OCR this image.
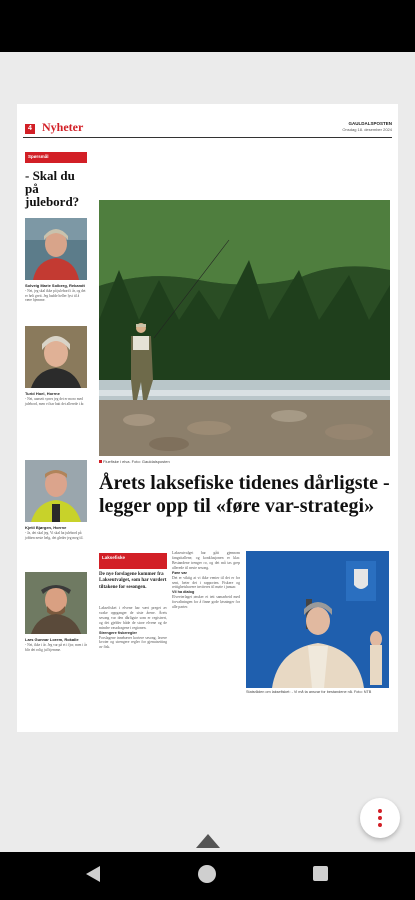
4 Nyheter	GAULDALSPOSTEN
Onsdag 18. desember 2024
Spørsmål
- Skal du på julebord?
Solveig Marie Solberg, Rekandt
- Nei, jeg skal ikke på julebord i år, og det er helt greit. Jeg hadde heller lyst til å være hjemme.
Turid Hoel, Horrne
- Nei, uansett synes jeg det er moro med julebord, men vi har hatt det allerede i år.
Kjetil Bjørgen, Horrne
- Ja, det skal jeg. Vi skal ha julebord på jobben neste helg, det gleder jeg meg til.
Lars Gunnar Lorem, Rokalle
- Nei, ikke i år. Jeg var på et i fjor, men i år blir det rolig jul hjemme.
Fluefiske i elva. Foto: Gauldalsposten
Årets laksefiske tidenes dårligste - legger opp til «føre var-strategi»
Laksefiske
De nye forslagene kommer fra Lakseutvalget, som har vurdert tiltakene for sesongen.
Laksefisket i elvene har vært preget av svake oppganger de siste årene. Årets sesong var den dårligste som er registrert, og det gjelder både de store elvene og de mindre vassdragene i regionen.
Strengere fiskeregler
Forslagene innebærer kortere sesong, lavere kvoter og strengere regler for gjenutsetting av fisk.
Lakseutvalget har gått gjennom fangsttallene, og konklusjonen er klar. Bestandene trenger ro, og det må tas grep allerede til neste sesong.
Føre var
Det er viktig at vi ikke venter til det er for sent, heter det i rapporten. Fiskere og rettighetshavere inviteres til møte i januar.
Vil ha dialog
Elveeierlaget ønsker et tett samarbeid med forvaltningen for å finne gode løsninger for alle parter.
Statsråden om laksefisket: - Vi må ta ansvar for bestandene nå. Foto: NTB
